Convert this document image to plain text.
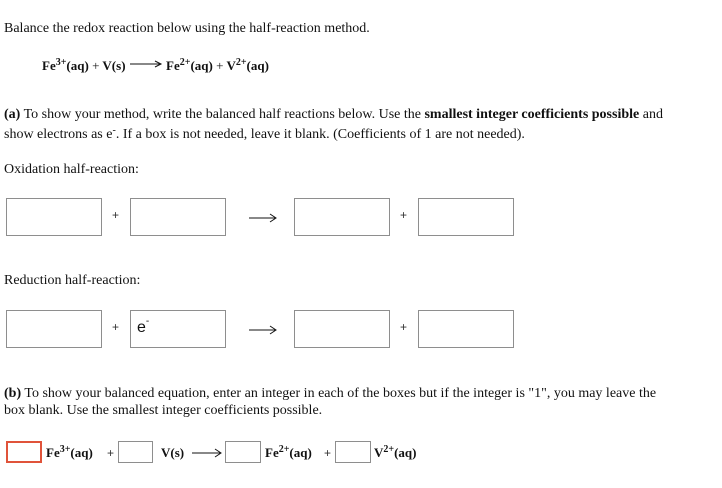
Balance the redox reaction below using the half-reaction method.
$Fe^{3+}(aq) + V(s) \to Fe^{2+}(aq) + V^{2+}(aq)$
(a) To show your method, write the balanced half reactions below. Use the smallest integer coefficients possible and
show electrons as e-. If a box is not needed, leave it blank. (Coefficients of 1 are not needed).
Oxidation half-reaction:
+	+
Reduction half-reaction:
+ e-	+
(b) To show your balanced equation, enter an integer in each of the boxes but if the integer is "1", you may leave the
box blank. Use the smallest integer coefficients possible.
$Fe^{3+}(aq)$ +	V(s)	$Fe^{2+}(aq)$ +	$V^{2+}(aq)$
